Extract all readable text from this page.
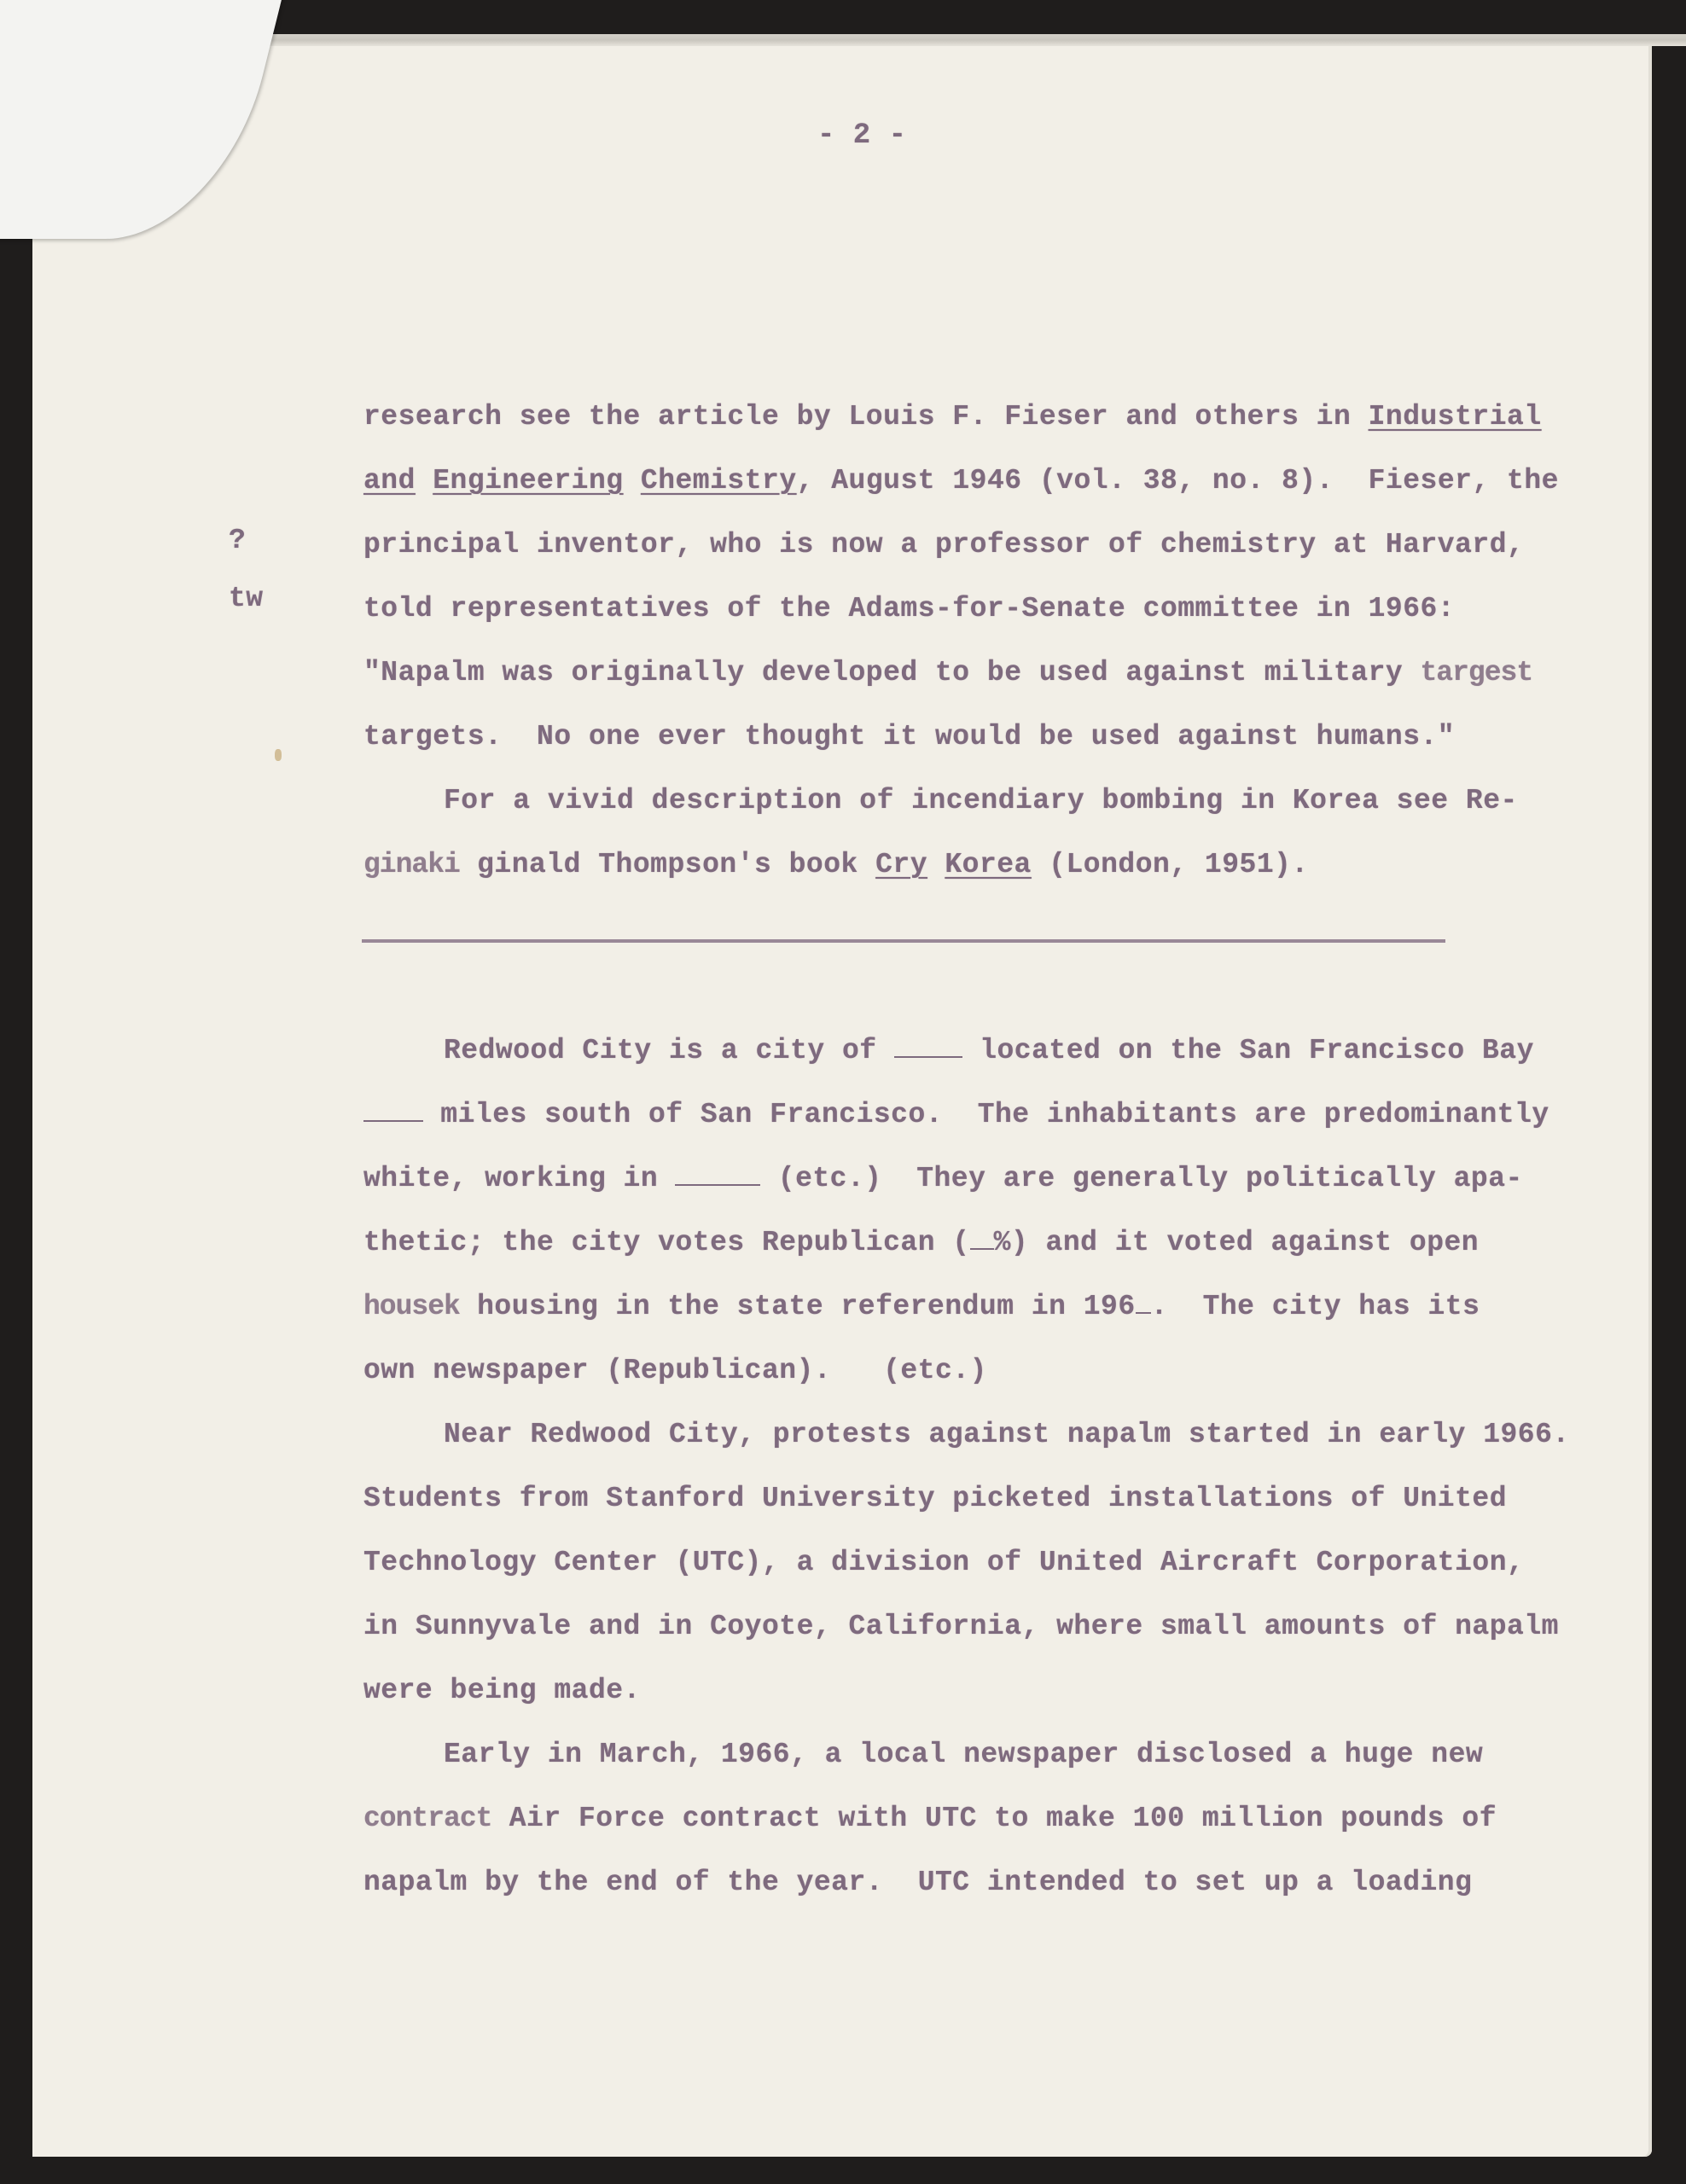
- 2 -
?
tw
research see the article by Louis F. Fieser and others in Industrial
and Engineering Chemistry, August 1946 (vol. 38, no. 8).  Fieser, the
principal inventor, who is now a professor of chemistry at Harvard,
told representatives of the Adams-for-Senate committee in 1966:
"Napalm was originally developed to be used against military targest
targets.  No one ever thought it would be used against humans."
For a vivid description of incendiary bombing in Korea see Re-
ginaki ginald Thompson's book Cry Korea (London, 1951).
Redwood City is a city of  located on the San Francisco Bay
miles south of San Francisco.  The inhabitants are predominantly
white, working in	(etc.)  They are generally politically apa-
thetic; the city votes Republican ( %) and it voted against open
housek housing in the state referendum in 196 .  The city has its
own newspaper (Republican).   (etc.)
Near Redwood City, protests against napalm started in early 1966.
Students from Stanford University picketed installations of United
Technology Center (UTC), a division of United Aircraft Corporation,
in Sunnyvale and in Coyote, California, where small amounts of napalm
were being made.
Early in March, 1966, a local newspaper disclosed a huge new
contract Air Force contract with UTC to make 100 million pounds of
napalm by the end of the year.  UTC intended to set up a loading
